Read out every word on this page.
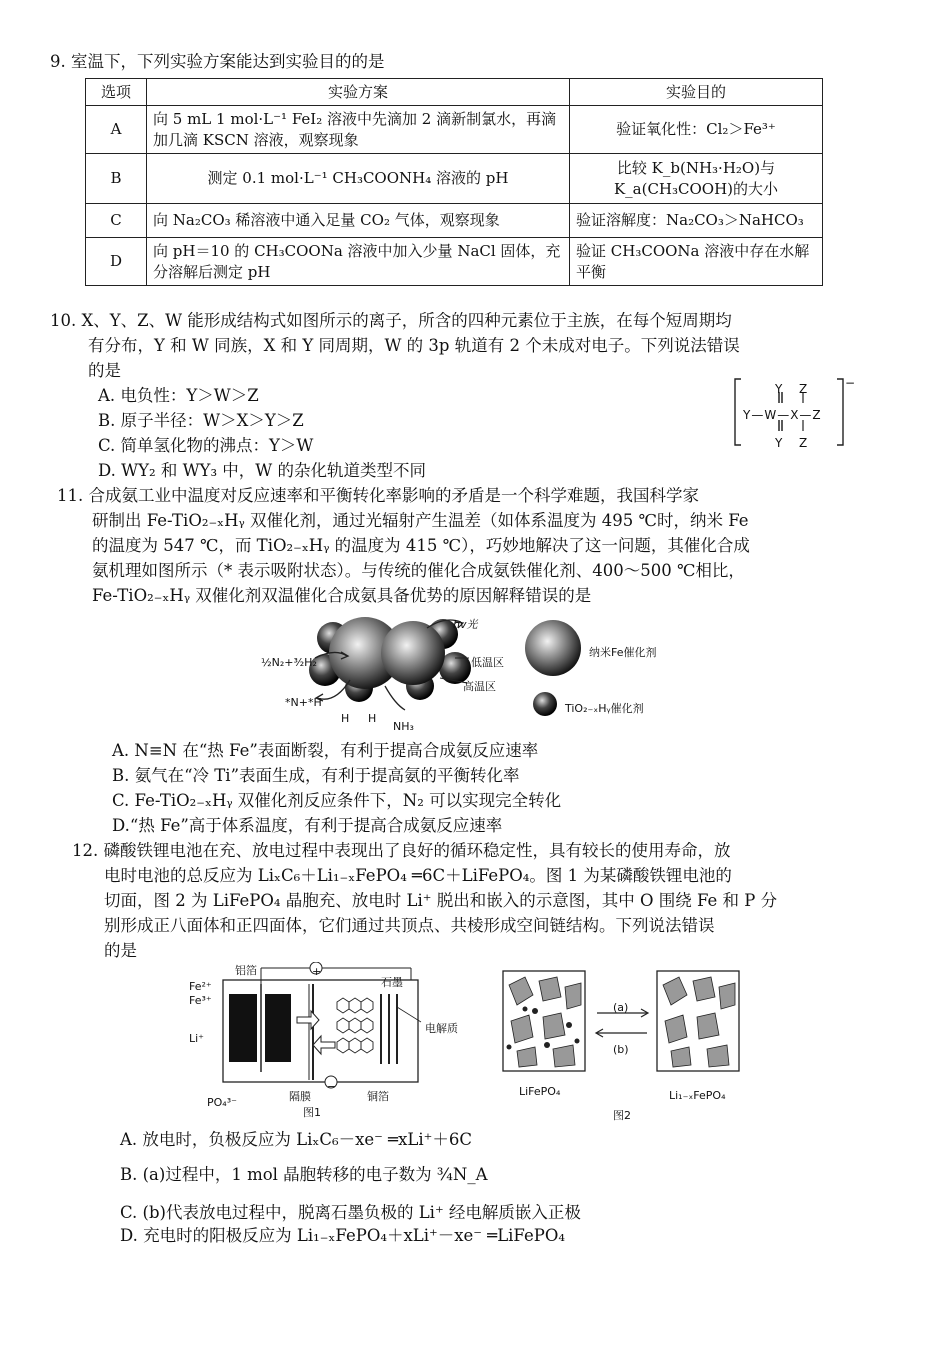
9. 室温下，下列实验方案能达到实验目的的是
选项	实验方案	实验目的
A	向 5 mL 1 mol·L⁻¹ FeI₂ 溶液中先滴加 2 滴新制氯水，再滴加几滴 KSCN 溶液，观察现象	验证氧化性：Cl₂＞Fe³⁺
B	测定 0.1 mol·L⁻¹ CH₃COONH₄ 溶液的 pH	比较 K_b(NH₃·H₂O)与 K_a(CH₃COOH)的大小
C	向 Na₂CO₃ 稀溶液中通入足量 CO₂ 气体，观察现象	验证溶解度：Na₂CO₃＞NaHCO₃
D	向 pH＝10 的 CH₃COONa 溶液中加入少量 NaCl 固体，充分溶解后测定 pH	验证 CH₃COONa 溶液中存在水解平衡
10. X、Y、Z、W 能形成结构式如图所示的离子，所含的四种元素位于主族，在每个短周期均
有分布，Y 和 W 同族，X 和 Y 同周期，W 的 3p 轨道有 2 个未成对电子。下列说法错误
的是
A. 电负性：Y＞W＞Z
B. 原子半径：W＞X＞Y＞Z
C. 简单氢化物的沸点：Y＞W
D. WY₂ 和 WY₃ 中，W 的杂化轨道类型不同
Y Z
Y—W—X—Z
Y Z
−
11. 合成氨工业中温度对反应速率和平衡转化率影响的矛盾是一个科学难题，我国科学家
研制出 Fe-TiO₂₋ₓHᵧ 双催化剂，通过光辐射产生温差（如体系温度为 495 ℃时，纳米 Fe
的温度为 547 ℃，而 TiO₂₋ₓHᵧ 的温度为 415 ℃），巧妙地解决了这一问题，其催化合成
氨机理如图所示（* 表示吸附状态）。与传统的催化合成氨铁催化剂、400～500 ℃相比，
Fe-TiO₂₋ₓHᵧ 双催化剂双温催化合成氨具备优势的原因解释错误的是
hv光
½N₂+³⁄₂H₂	低温区
高温区
*N+*H
H H
NH₃
纳米Fe催化剂
TiO₂₋ₓHᵧ催化剂
A. N≡N 在“热 Fe”表面断裂，有利于提高合成氨反应速率
B. 氨气在“冷 Ti”表面生成，有利于提高氨的平衡转化率
C. Fe-TiO₂₋ₓHᵧ 双催化剂反应条件下，N₂ 可以实现完全转化
D.“热 Fe”高于体系温度，有利于提高合成氨反应速率
12. 磷酸铁锂电池在充、放电过程中表现出了良好的循环稳定性，具有较长的使用寿命，放
电时电池的总反应为 LiₓC₆＋Li₁₋ₓFePO₄ ═6C＋LiFePO₄。图 1 为某磷酸铁锂电池的
切面，图 2 为 LiFePO₄ 晶胞充、放电时 Li⁺ 脱出和嵌入的示意图，其中 O 围绕 Fe 和 P 分
别形成正八面体和正四面体，它们通过共顶点、共棱形成空间链结构。下列说法错误
的是
铝箔	+
石墨
Fe²⁺
Fe³⁺
Li⁺
PO₄³⁻
电解质
隔膜
−
铜箔
图1
(a)
(b)
LiFePO₄	Li₁₋ₓFePO₄
图2
A. 放电时，负极反应为 LiₓC₆－xe⁻ ═xLi⁺＋6C
B. (a)过程中，1 mol 晶胞转移的电子数为 ¾N_A
C. (b)代表放电过程中，脱离石墨负极的 Li⁺ 经电解质嵌入正极
D. 充电时的阳极反应为 Li₁₋ₓFePO₄＋xLi⁺－xe⁻ ═LiFePO₄
